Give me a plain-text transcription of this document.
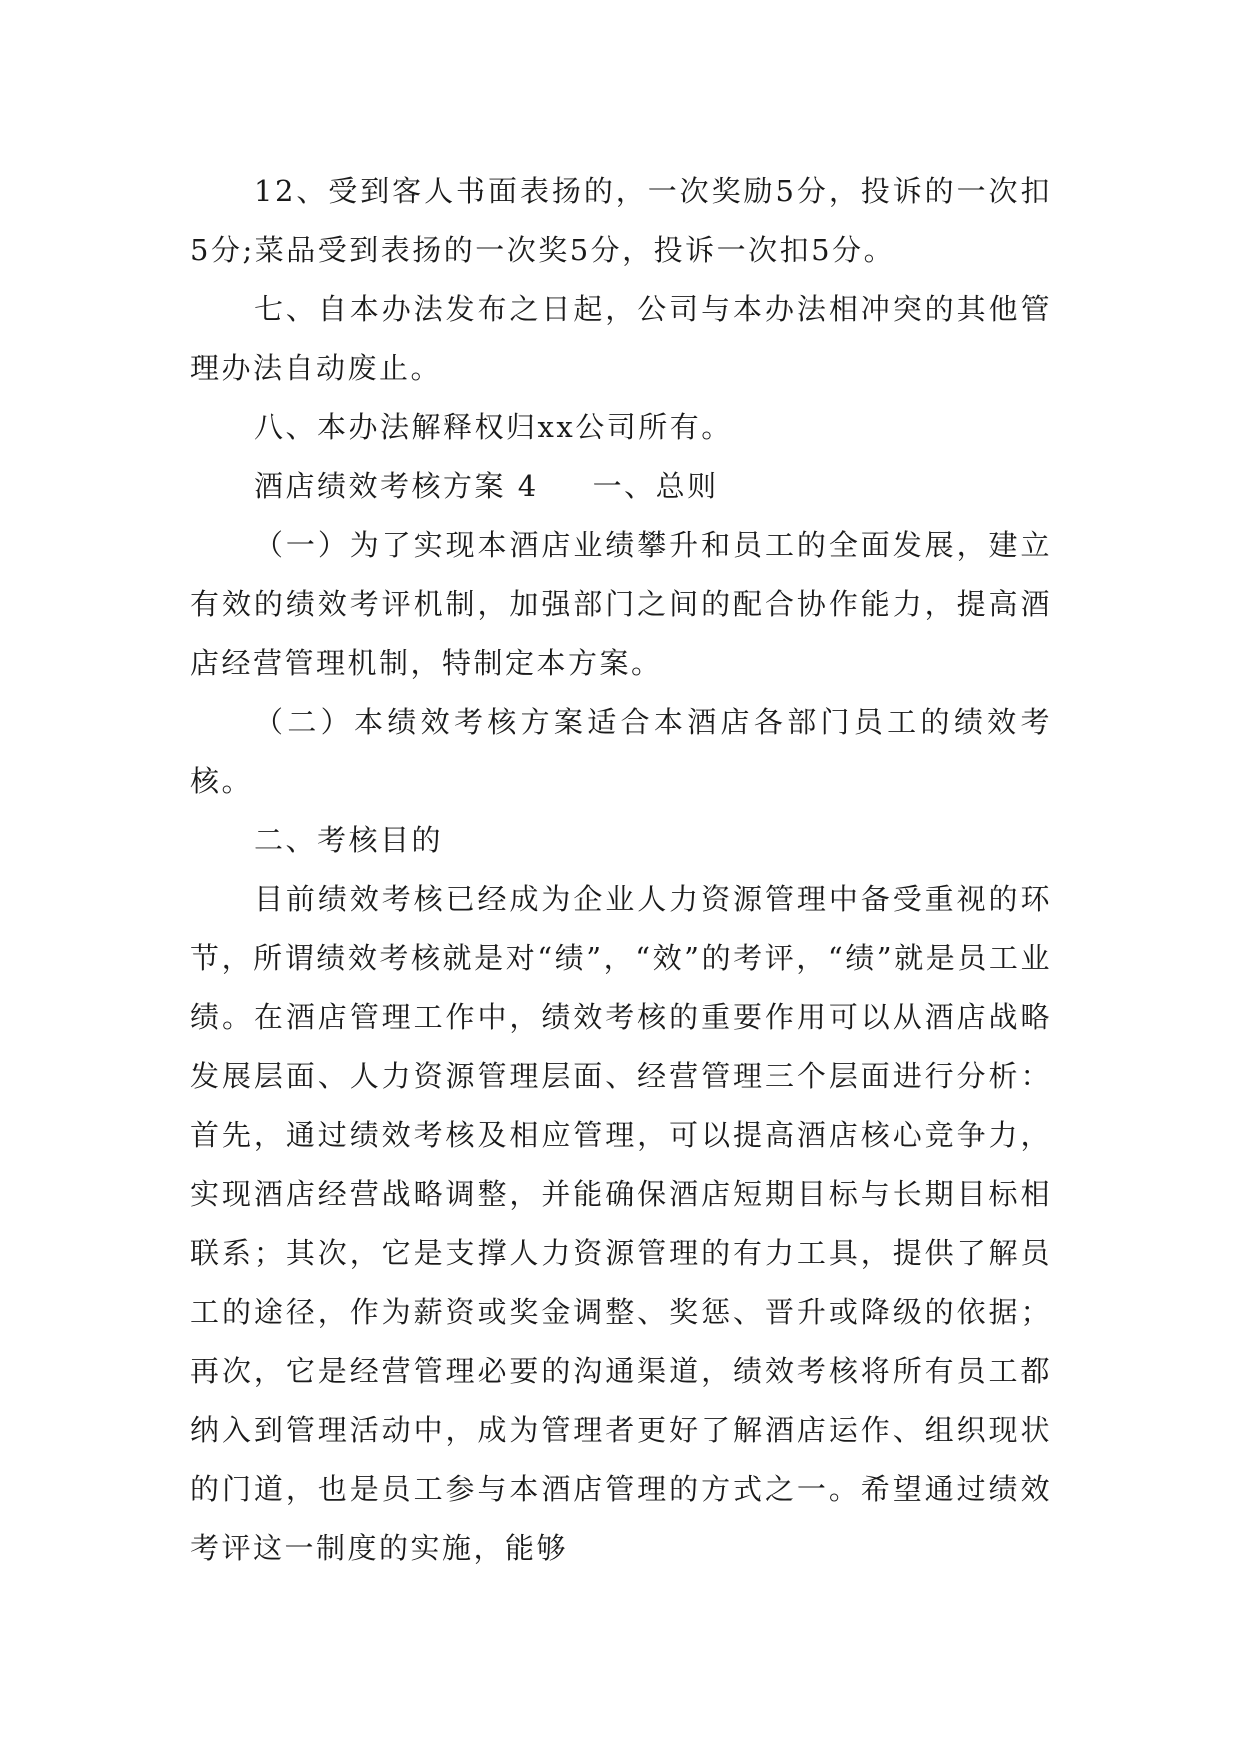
12、受到客人书面表扬的，一次奖励5分，投诉的一次扣5分;菜品受到表扬的一次奖5分，投诉一次扣5分。

七、自本办法发布之日起，公司与本办法相冲突的其他管理办法自动废止。

八、本办法解释权归xx公司所有。

酒店绩效考核方案 4 一、总则

（一）为了实现本酒店业绩攀升和员工的全面发展，建立有效的绩效考评机制，加强部门之间的配合协作能力，提高酒店经营管理机制，特制定本方案。

（二）本绩效考核方案适合本酒店各部门员工的绩效考核。

二、考核目的

目前绩效考核已经成为企业人力资源管理中备受重视的环节，所谓绩效考核就是对“绩”，“效”的考评，“绩”就是员工业绩。在酒店管理工作中，绩效考核的重要作用可以从酒店战略发展层面、人力资源管理层面、经营管理三个层面进行分析：首先，通过绩效考核及相应管理，可以提高酒店核心竞争力，实现酒店经营战略调整，并能确保酒店短期目标与长期目标相联系；其次，它是支撑人力资源管理的有力工具，提供了解员工的途径，作为薪资或奖金调整、奖惩、晋升或降级的依据；再次，它是经营管理必要的沟通渠道，绩效考核将所有员工都纳入到管理活动中，成为管理者更好了解酒店运作、组织现状的门道，也是员工参与本酒店管理的方式之一。希望通过绩效考评这一制度的实施，能够
